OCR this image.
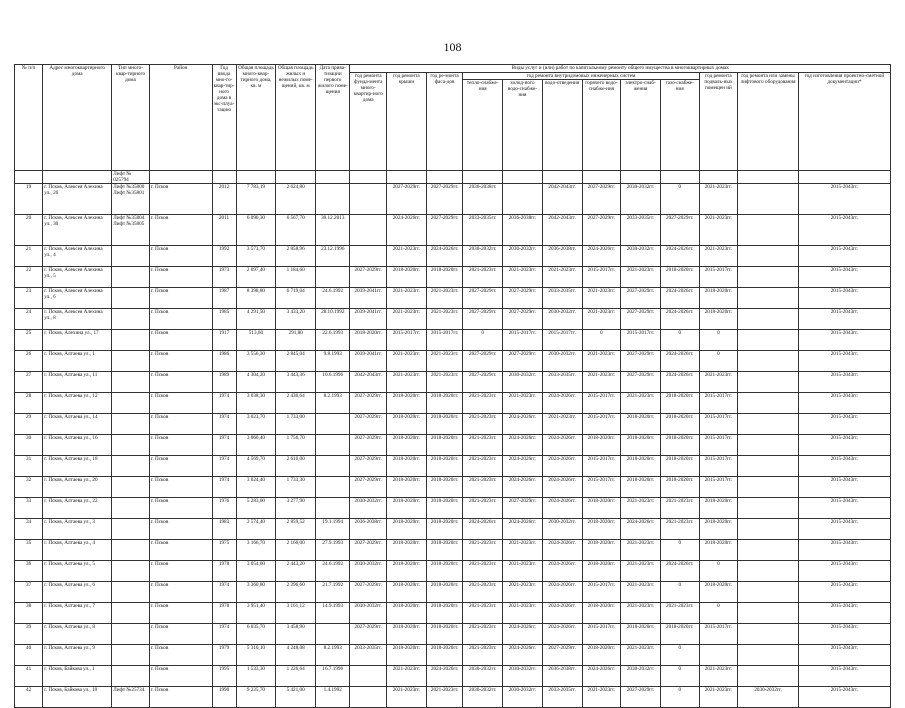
108
№ п/п	Адрес многоквартирного дома	Тип много-квар-тирного дома	Район	Год ввода мно-го-квар-тир-ного дома в экс-плуа-тацию	Общая площадь много-квар-тирного дома, кв. м	Общая площадь жилых и нежилых поме-щений, кв. м	Дата прива-тизации первого жилого поме-щения	Виды услуг и (или) работ по капитальному ремонту общего имущества в многоквартирных домах											
								год ремонта фунда-мента много-квартир-ного дома	год ремонта крыши	год ре-монта фаса-дов	год ремонта внутридомовых инженерных систем						год ремонта подваль-ных помещен ий	год ремонта или замены лифтового оборудования	год изготовления проектно-сметной документации*
											тепло-снабже-ния	холод-ного водо-снабже-ния	водо-отведения	горячего водо-снабже-ния	электро-снаб-жения	газо-снабже-ния			
		Лифт № 025794																	
19	г. Псков, Алексея Алехина ул., 26	Лифт №35800 Лифт №35801	г. Псков	2012	7 783,19	2 624,80			2027-2029гг.	2027-2029гг.	2036-2038гг.		2042-2043гг.	2027-2029гг.	2030-2032гг.	0	2021-2023гг.		2015-2043гг.
20	г. Псков, Алексея Алехина ул., 30	Лифт №35804 Лифт №35805	г. Псков	2011	6 090,30	6 567,70	30.12.2013		2024-2026гг.	2027-2029гг.	2033-2035гг.	2036-2038гг.	2042-2043гг.	2027-2029гг.	2033-2035гг.	2027-2029гг.	2021-2023гг.		2015-2043гг.
21	г. Псков, Алексея Алехина ул., 4		г. Псков	1992	3 573,70	2 858,96	23.12.1996		2021-2023гг.	2024-2026гг.	2030-2032гг.	2030-2032гг.	2036-2038гг.	2024-2026гг.	2030-2032гг.	2024-2026гг.	2021-2023гг.		2015-2043гг.
22	г. Псков, Алексея Алехина ул., 5		г. Псков	1973	2 097,40	1 184,60		2027-2029гг.	2018-2020гг.	2018-2020гг.	2021-2023гг.	2021-2023гг.	2021-2023гг.	2015-2017гг.	2021-2023гг.	2018-2020гг.	2015-2017гг.		2015-2043гг.
23	г. Псков, Алексея Алехина ул., 6		г. Псков	1987	8 398,80	6 719,04	24.6.1992	2039-2041гг.	2021-2023гг.	2021-2023гг.	2027-2029гг.	2027-2029гг.	2033-2035гг.	2021-2023гг.	2027-2029гг.	2024-2026гг.	2018-2020гг.		2015-2043гг.
24	г. Псков, Алексея Алехина ул., 8		г. Псков	1985	4 291,50	3 433,20	28.10.1992	2039-2041гг.	2021-2023гг.	2021-2023гг.	2027-2029гг.	2027-2029гг.	2030-2032гг.	2021-2023гг.	2027-2029гг.	2024-2026гг.	2018-2020гг.		2015-2043гг.
25	г. Псков, Алехина ул., 17		г. Псков	1917	513,60	291,80	22.6.1993	2018-2020гг.	2015-2017гг.	2015-2017гг.	0	2015-2017гг.	2015-2017гг.	0	2015-2017гг.	0	0		2015-2043гг.
26	г. Псков, Алтаева ул., 1		г. Псков	1986	3 556,30	2 845,04	9.8.1993	2039-2041гг.	2021-2023гг.	2021-2023гг.	2027-2029гг.	2027-2029гг.	2030-2032гг.	2021-2023гг.	2027-2029гг.	2024-2026гг.	0		2015-2043гг.
27	г. Псков, Алтаева ул., 11		г. Псков	1989	4 304,20	3 443,36	10.6.1996	2042-2043гг.	2021-2023гг.	2021-2023гг.	2027-2029гг.	2030-2032гг.	2033-2035гг.	2021-2023гг.	2027-2029гг.	2024-2026гг.	2021-2023гг.		2015-2043гг.
28	г. Псков, Алтаева ул., 12		г. Псков	1974	3 038,30	2 430,64	8.2.1993	2027-2029гг.	2018-2020гг.	2018-2020гг.	2021-2023гг.	2021-2023гг.	2024-2026гг.	2015-2017гг.	2021-2023гг.	2018-2020гг.	2015-2017гг.		2015-2043гг.
29	г. Псков, Алтаева ул., 14		г. Псков	1974	3 023,70	1 733,00		2027-2029гг.	2018-2020гг.	2018-2020гг.	2021-2023гг.	2024-2026гг.	2021-2023гг.	2015-2017гг.	2018-2020гг.	2018-2020гг.	2015-2017гг.		2015-2043гг.
30	г. Псков, Алтаева ул., 16		г. Псков	1974	3 060,40	1 756,70		2027-2029гг.	2018-2020гг.	2018-2020гг.	2021-2023гг.	2024-2026гг.	2024-2026гг.	2018-2020гг.	2018-2020гг.	2018-2020гг.	2015-2017гг.		2015-2043гг.
31	г. Псков, Алтаева ул., 18		г. Псков	1974	4 569,70	2 616,00		2027-2029гг.	2018-2020гг.	2018-2020гг.	2021-2023гг.	2024-2026гг.	2024-2026гг.	2015-2017гг.	2018-2020гг.	2018-2020гг.	2015-2017гг.		2015-2043гг.
32	г. Псков, Алтаева ул., 20		г. Псков	1974	3 024,40	1 733,30		2027-2029гг.	2018-2020гг.	2018-2020гг.	2021-2023гг.	2024-2026гг.	2024-2026гг.	2015-2017гг.	2018-2020гг.	2018-2020гг.	2015-2017гг.		2015-2043гг.
33	г. Псков, Алтаева ул., 22		г. Псков	1976	5 283,00	3 277,90		2030-2032гг.	2018-2020гг.	2018-2020гг.	2021-2023гг.	2027-2029гг.	2024-2026гг.	2018-2020гг.	2021-2023гг.	2021-2023гг.	2018-2020гг.		2015-2043гг.
34	г. Псков, Алтаева ул., 3		г. Псков	1983	3 574,40	2 859,52	19.1.1994	2036-2038гг.	2018-2020гг.	2018-2020гг.	2024-2026гг.	2024-2026гг.	2030-2032гг.	2018-2020гг.	2024-2026гг.	2021-2023гг.	2018-2020гг.		2015-2043гг.
35	г. Псков, Алтаева ул., 4		г. Псков	1975	3 166,70	2 166,00	27.9.1993	2027-2029гг.	2018-2020гг.	2018-2020гг.	2021-2023гг.	2021-2023гг.	2024-2026гг.	2018-2020гг.	2021-2023гг.	0	2018-2020гг.		2015-2043гг.
36	г. Псков, Алтаева ул., 5		г. Псков	1978	3 054,00	2 443,20	24.6.1992	2030-2032гг.	2018-2020гг.	2018-2020гг.	2021-2023гг.	2021-2023гг.	2024-2026гг.	2018-2020гг.	2021-2023гг.	2024-2026гг.	0		2015-2043гг.
37	г. Псков, Алтаева ул., 6		г. Псков	1974	3 360,80	2 296,60	21.7.1992	2027-2029гг.	2018-2020гг.	2018-2020гг.	2021-2023гг.	2021-2023гг.	2024-2026гг.	2015-2017гг.	2021-2023гг.	0	2018-2020гг.		2015-2043гг.
38	г. Псков, Алтаева ул., 7		г. Псков	1978	3 951,40	3 161,12	14.9.1993	2030-2032гг.	2018-2020гг.	2018-2020гг.	2021-2023гг.	2021-2023гг.	2024-2026гг.	2018-2020гг.	2021-2023гг.	2021-2023гг.	0		2015-2043гг.
39	г. Псков, Алтаева ул., 8		г. Псков	1974	6 035,70	3 458,90		2027-2029гг.	2018-2020гг.	2018-2020гг.	2021-2023гг.	2024-2026гг.	2024-2026гг.	2015-2017гг.	2018-2020гг.	2018-2020гг.	2015-2017гг.		2015-2043гг.
40	г. Псков, Алтаева ул., 9		г. Псков	1979	5 310,10	4 248,08	8.2.1993	2033-2035гг.	2018-2020гг.	2018-2020гг.	2021-2023гг.	2024-2026гг.	2027-2029гг.	2018-2020гг.	2021-2023гг.	0			2015-2043гг.
41	г. Псков, Байкова ул., 1		г. Псков	1995	1 533,30	1 226,64	16.7.1996		2021-2023гг.	2024-2026гг.	2030-2032гг.	2030-2032гг.	2036-2038гг.	2024-2026гг.	2030-2032гг.	0	2021-2023гг.		2015-2043гг.
42	г. Псков, Байкова ул., 10	Лифт №25734	г. Псков	1990	9 225,70	5 421,00	1.4.1992		2021-2023гг.	2021-2023гг.	2030-2032гг.	2030-2032гг.	2033-2035гг.	2021-2023гг.	2027-2029гг.	0	2021-2023гг.	2030-2032гг.	2015-2043гг.
